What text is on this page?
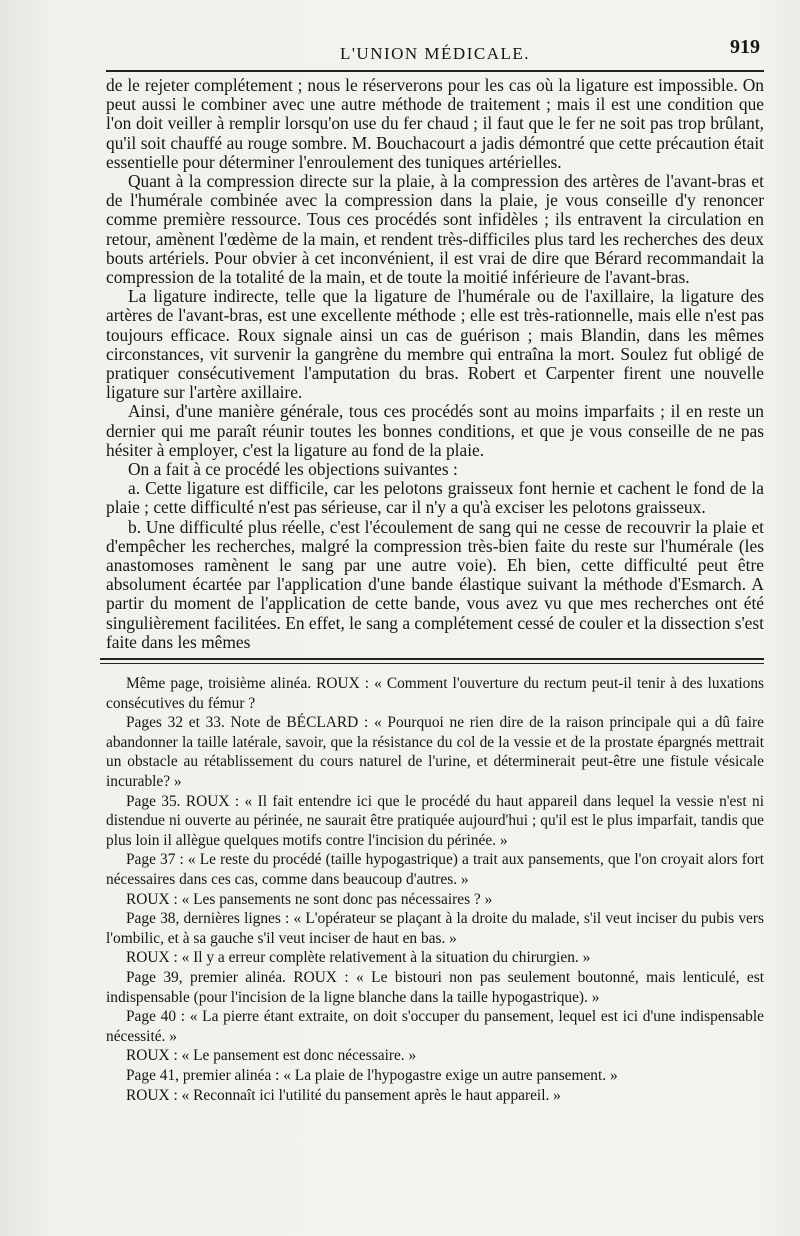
L'UNION MÉDICALE.	919

de le rejeter complétement ; nous le réserverons pour les cas où la ligature est impossible. On peut aussi le combiner avec une autre méthode de traitement ; mais il est une condition que l'on doit veiller à remplir lorsqu'on use du fer chaud ; il faut que le fer ne soit pas trop brûlant, qu'il soit chauffé au rouge sombre. M. Bouchacourt a jadis démontré que cette précaution était essentielle pour déterminer l'enroulement des tuniques artérielles.

Quant à la compression directe sur la plaie, à la compression des artères de l'avant-bras et de l'humérale combinée avec la compression dans la plaie, je vous conseille d'y renoncer comme première ressource. Tous ces procédés sont infidèles ; ils entravent la circulation en retour, amènent l'œdème de la main, et rendent très-difficiles plus tard les recherches des deux bouts artériels. Pour obvier à cet inconvénient, il est vrai de dire que Bérard recommandait la compression de la totalité de la main, et de toute la moitié inférieure de l'avant-bras.

La ligature indirecte, telle que la ligature de l'humérale ou de l'axillaire, la ligature des artères de l'avant-bras, est une excellente méthode ; elle est très-rationnelle, mais elle n'est pas toujours efficace. Roux signale ainsi un cas de guérison ; mais Blandin, dans les mêmes circonstances, vit survenir la gangrène du membre qui entraîna la mort. Soulez fut obligé de pratiquer consécutivement l'amputation du bras. Robert et Carpenter firent une nouvelle ligature sur l'artère axillaire.

Ainsi, d'une manière générale, tous ces procédés sont au moins imparfaits ; il en reste un dernier qui me paraît réunir toutes les bonnes conditions, et que je vous conseille de ne pas hésiter à employer, c'est la ligature au fond de la plaie.

On a fait à ce procédé les objections suivantes :

a. Cette ligature est difficile, car les pelotons graisseux font hernie et cachent le fond de la plaie ; cette difficulté n'est pas sérieuse, car il n'y a qu'à exciser les pelotons graisseux.

b. Une difficulté plus réelle, c'est l'écoulement de sang qui ne cesse de recouvrir la plaie et d'empêcher les recherches, malgré la compression très-bien faite du reste sur l'humérale (les anastomoses ramènent le sang par une autre voie). Eh bien, cette difficulté peut être absolument écartée par l'application d'une bande élastique suivant la méthode d'Esmarch. A partir du moment de l'application de cette bande, vous avez vu que mes recherches ont été singulièrement facilitées. En effet, le sang a complétement cessé de couler et la dissection s'est faite dans les mêmes

Même page, troisième alinéa. ROUX : « Comment l'ouverture du rectum peut-il tenir à des luxations consécutives du fémur ?

Pages 32 et 33. Note de BÉCLARD : « Pourquoi ne rien dire de la raison principale qui a dû faire abandonner la taille latérale, savoir, que la résistance du col de la vessie et de la prostate épargnés mettrait un obstacle au rétablissement du cours naturel de l'urine, et déterminerait peut-être une fistule vésicale incurable? »

Page 35. ROUX : « Il fait entendre ici que le procédé du haut appareil dans lequel la vessie n'est ni distendue ni ouverte au périnée, ne saurait être pratiquée aujourd'hui ; qu'il est le plus imparfait, tandis que plus loin il allègue quelques motifs contre l'incision du périnée. »

Page 37 : « Le reste du procédé (taille hypogastrique) a trait aux pansements, que l'on croyait alors fort nécessaires dans ces cas, comme dans beaucoup d'autres. »

ROUX : « Les pansements ne sont donc pas nécessaires ? »

Page 38, dernières lignes : « L'opérateur se plaçant à la droite du malade, s'il veut inciser du pubis vers l'ombilic, et à sa gauche s'il veut inciser de haut en bas. »

ROUX : « Il y a erreur complète relativement à la situation du chirurgien. »

Page 39, premier alinéa. ROUX : « Le bistouri non pas seulement boutonné, mais lenticulé, est indispensable (pour l'incision de la ligne blanche dans la taille hypogastrique). »

Page 40 : « La pierre étant extraite, on doit s'occuper du pansement, lequel est ici d'une indispensable nécessité. »

ROUX : « Le pansement est donc nécessaire. »

Page 41, premier alinéa : « La plaie de l'hypogastre exige un autre pansement. »

ROUX : « Reconnaît ici l'utilité du pansement après le haut appareil. »
